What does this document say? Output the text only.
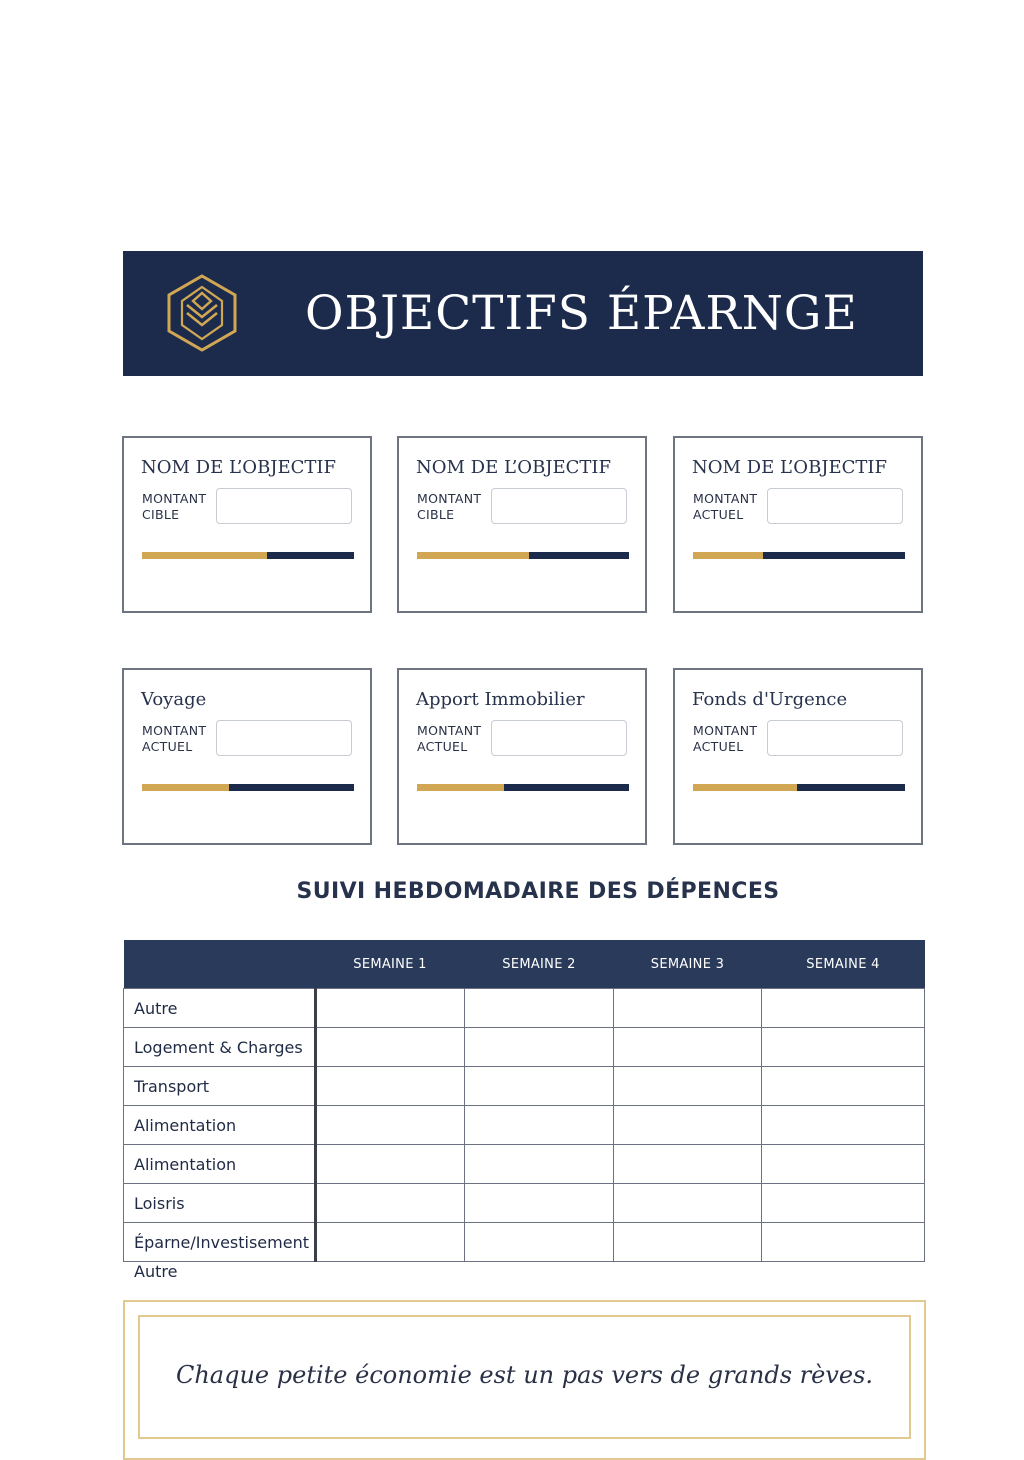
OBJECTIFS ÉPARNGE
NOM DE L’OBJECTIF
MONTANT
CIBLE
NOM DE L’OBJECTIF
MONTANT
CIBLE
NOM DE L’OBJECTIF
MONTANT
ACTUEL
Voyage
MONTANT
ACTUEL
Apport Immobilier
MONTANT
ACTUEL
Fonds d'Urgence
MONTANT
ACTUEL
SUIVI HEBDOMADAIRE DES DÉPENCES
	SEMAINE 1	SEMAINE 2	SEMAINE 3	SEMAINE 4
Autre				
Logement & Charges				
Transport				
Alimentation				
Alimentation				
Loisris				
Éparne/Investisement				
Autre
Chaque petite économie est un pas vers de grands rèves.
